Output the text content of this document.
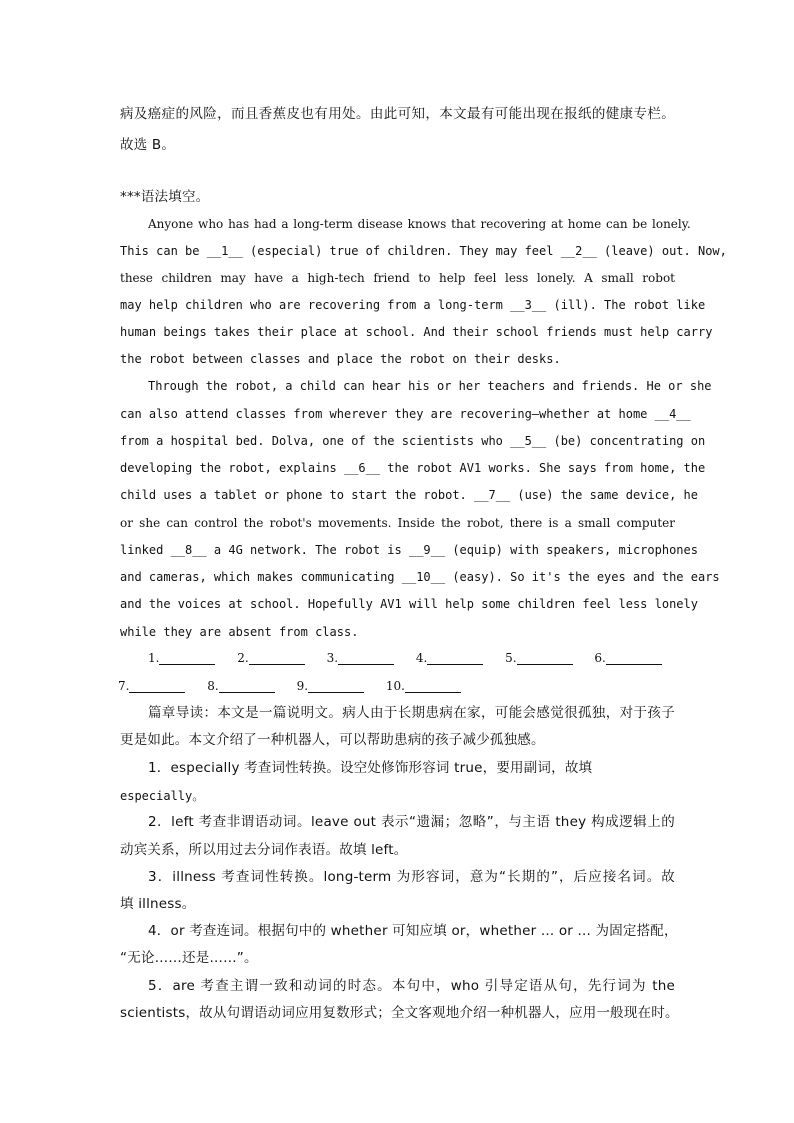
病及癌症的风险，而且香蕉皮也有用处。由此可知，本文最有可能出现在报纸的健康专栏。
故选 B。
***语法填空。
Anyone who has had a long-term disease knows that recovering at home can be lonely.
This can be __1__ (especial) true of children. They may feel __2__ (leave) out. Now,
these children may have a high-tech friend to help feel less lonely. A small robot
may help children who are recovering from a long-term __3__ (ill). The robot like
human beings takes their place at school. And their school friends must help carry
the robot between classes and place the robot on their desks.
Through the robot, a child can hear his or her teachers and friends. He or she
can also attend classes from wherever they are recovering—whether at home __4__
from a hospital bed. Dolva, one of the scientists who __5__ (be) concentrating on
developing the robot, explains __6__ the robot AV1 works. She says from home, the
child uses a tablet or phone to start the robot. __7__ (use) the same device, he
or she can control the robot's movements. Inside the robot, there is a small computer
linked __8__ a 4G network. The robot is __9__ (equip) with speakers, microphones
and cameras, which makes communicating __10__ (easy). So it's the eyes and the ears
and the voices at school. Hopefully AV1 will help some children feel less lonely
while they are absent from class.
1.	2.	3.	4.	5.	6.
7.	8.	9.	10.
篇章导读：本文是一篇说明文。病人由于长期患病在家，可能会感觉很孤独，对于孩子
更是如此。本文介绍了一种机器人，可以帮助患病的孩子减少孤独感。
1．especially 考查词性转换。设空处修饰形容词 true，要用副词，故填
especially。
2．left 考查非谓语动词。leave out 表示“遗漏；忽略”，与主语 they 构成逻辑上的
动宾关系，所以用过去分词作表语。故填 left。
3．illness 考查词性转换。long-term 为形容词，意为“长期的”，后应接名词。故
填 illness。
4．or 考查连词。根据句中的 whether 可知应填 or，whether ... or ... 为固定搭配，
“无论……还是……”。
5．are 考查主谓一致和动词的时态。本句中，who 引导定语从句，先行词为 the
scientists，故从句谓语动词应用复数形式；全文客观地介绍一种机器人，应用一般现在时。
